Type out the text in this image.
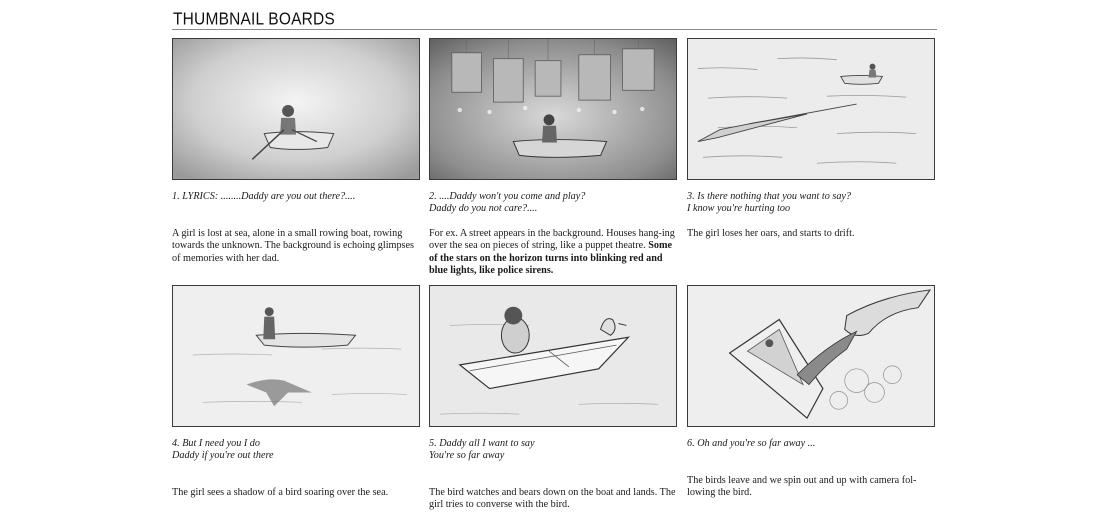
THUMBNAIL BOARDS
1. LYRICS: ........Daddy are you out there?....
A girl is lost at sea, alone in a small rowing boat, rowing towards the unknown. The background is echoing glimpses of memories with her dad.
2. ....Daddy won't you come and play?
Daddy do you not care?....
For ex. A street appears in the background. Houses hang-ing over the sea on pieces of string, like a puppet theatre. Some of the stars on the horizon turns into blinking red and blue lights, like police sirens.
3. Is there nothing that you want to say?
I know you're hurting too
The girl loses her oars, and starts to drift.
4. But I need you I do
Daddy if you're out there
The girl sees a shadow of a bird soaring over the sea.
5. Daddy all I want to say
You're so far away
The bird watches and bears down on the boat and lands. The girl tries to converse with the bird.
6. Oh and you're so far away ...
The birds leave and we spin out and up with camera fol-lowing the bird.
